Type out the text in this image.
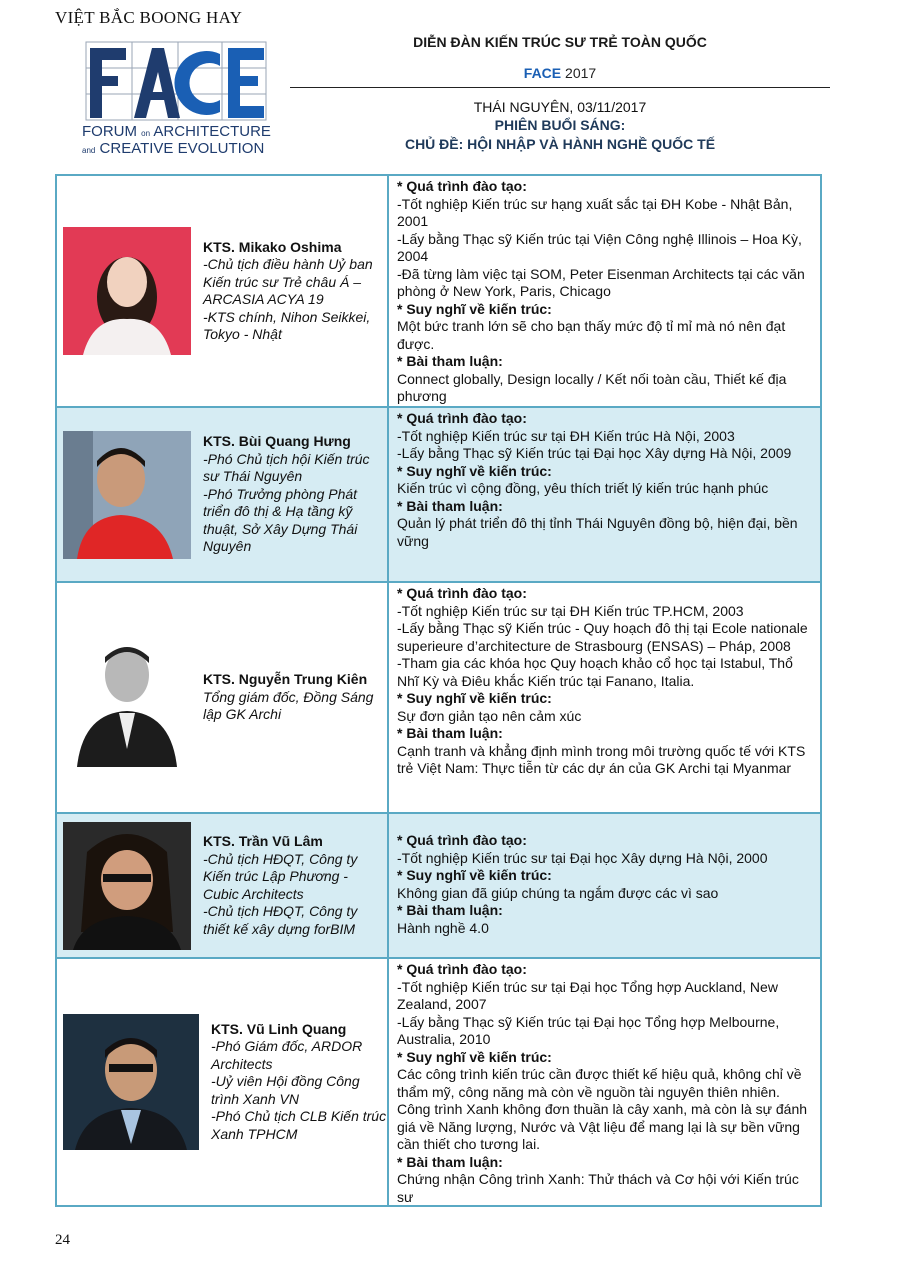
VIỆT BẮC BOONG HAY
FORUM on ARCHITECTURE
and CREATIVE EVOLUTION
DIỄN ĐÀN KIẾN TRÚC SƯ TRẺ TOÀN QUỐC
FACE 2017
THÁI NGUYÊN, 03/11/2017
PHIÊN BUỔI SÁNG:
CHỦ ĐỀ: HỘI NHẬP VÀ HÀNH NGHỀ QUỐC TẾ
KTS. Mikako Oshima
-Chủ tịch điều hành Uỷ ban Kiến trúc sư Trẻ châu Á – ARCASIA ACYA 19
-KTS chính, Nihon Seikkei, Tokyo - Nhật
* Quá trình đào tạo:
-Tốt nghiệp Kiến trúc sư hạng xuất sắc tại ĐH Kobe - Nhật Bản, 2001
-Lấy bằng Thạc sỹ Kiến trúc tại Viện Công nghệ Illinois – Hoa Kỳ, 2004
-Đã từng làm việc tại SOM, Peter Eisenman Architects tại các văn phòng ở New York, Paris, Chicago
* Suy nghĩ về kiến trúc:
Một bức tranh lớn sẽ cho bạn thấy mức độ tỉ mỉ mà nó nên đạt được.
* Bài tham luận:
Connect globally, Design locally / Kết nối toàn cầu, Thiết kế địa phương
KTS. Bùi Quang Hưng
-Phó Chủ tịch hội Kiến trúc sư Thái Nguyên
-Phó Trưởng phòng Phát triển đô thị & Hạ tầng kỹ thuật, Sở Xây Dựng Thái Nguyên
* Quá trình đào tạo:
-Tốt nghiệp Kiến trúc sư tại ĐH Kiến trúc Hà Nội, 2003
-Lấy bằng Thạc sỹ Kiến trúc tại Đại học Xây dựng Hà Nội, 2009
* Suy nghĩ về kiến trúc:
Kiến trúc vì cộng đồng, yêu thích triết lý kiến trúc hạnh phúc
* Bài tham luận:
Quản lý phát triển đô thị tỉnh Thái Nguyên đồng bộ, hiện đại, bền vững
KTS. Nguyễn Trung Kiên
Tổng giám đốc, Đồng Sáng lập GK Archi
* Quá trình đào tạo:
-Tốt nghiệp Kiến trúc sư tại ĐH Kiến trúc TP.HCM, 2003
-Lấy bằng Thạc sỹ Kiến trúc - Quy hoạch đô thị tại Ecole nationale superieure d’architecture de Strasbourg (ENSAS) – Pháp, 2008
-Tham gia các khóa học Quy hoạch khảo cổ học tại Istabul, Thổ Nhĩ Kỳ và Điêu khắc Kiến trúc tại Fanano, Italia.
* Suy nghĩ về kiến trúc:
Sự đơn giản tạo nên cảm xúc
* Bài tham luận:
Cạnh tranh và khẳng định mình trong môi trường quốc tế với KTS trẻ Việt Nam: Thực tiễn từ các dự án của GK Archi tại Myanmar
KTS. Trần Vũ Lâm
-Chủ tịch HĐQT, Công ty Kiến trúc Lập Phương - Cubic Architects
-Chủ tịch HĐQT, Công ty thiết kế xây dựng forBIM
* Quá trình đào tạo:
-Tốt nghiệp Kiến trúc sư tại Đại học Xây dựng Hà Nội, 2000
* Suy nghĩ về kiến trúc:
Không gian đã giúp chúng ta ngắm được các vì sao
* Bài tham luận:
Hành nghề 4.0
KTS. Vũ Linh Quang
-Phó Giám đốc, ARDOR Architects
-Uỷ viên Hội đồng Công trình Xanh VN
-Phó Chủ tịch CLB Kiến trúc Xanh TPHCM
* Quá trình đào tạo:
-Tốt nghiệp Kiến trúc sư tại Đại học Tổng hợp Auckland, New Zealand, 2007
-Lấy bằng Thạc sỹ Kiến trúc tại Đại học Tổng hợp Melbourne, Australia, 2010
* Suy nghĩ về kiến trúc:
Các công trình kiến trúc cần được thiết kế hiệu quả, không chỉ về thẩm mỹ, công năng mà còn về nguồn tài nguyên thiên nhiên. Công trình Xanh không đơn thuần là cây xanh, mà còn là sự đánh giá về Năng lượng, Nước và Vật liệu để mang lại là sự bền vững cần thiết cho tương lai.
* Bài tham luận:
Chứng nhận Công trình Xanh: Thử thách và Cơ hội với Kiến trúc sư
24
